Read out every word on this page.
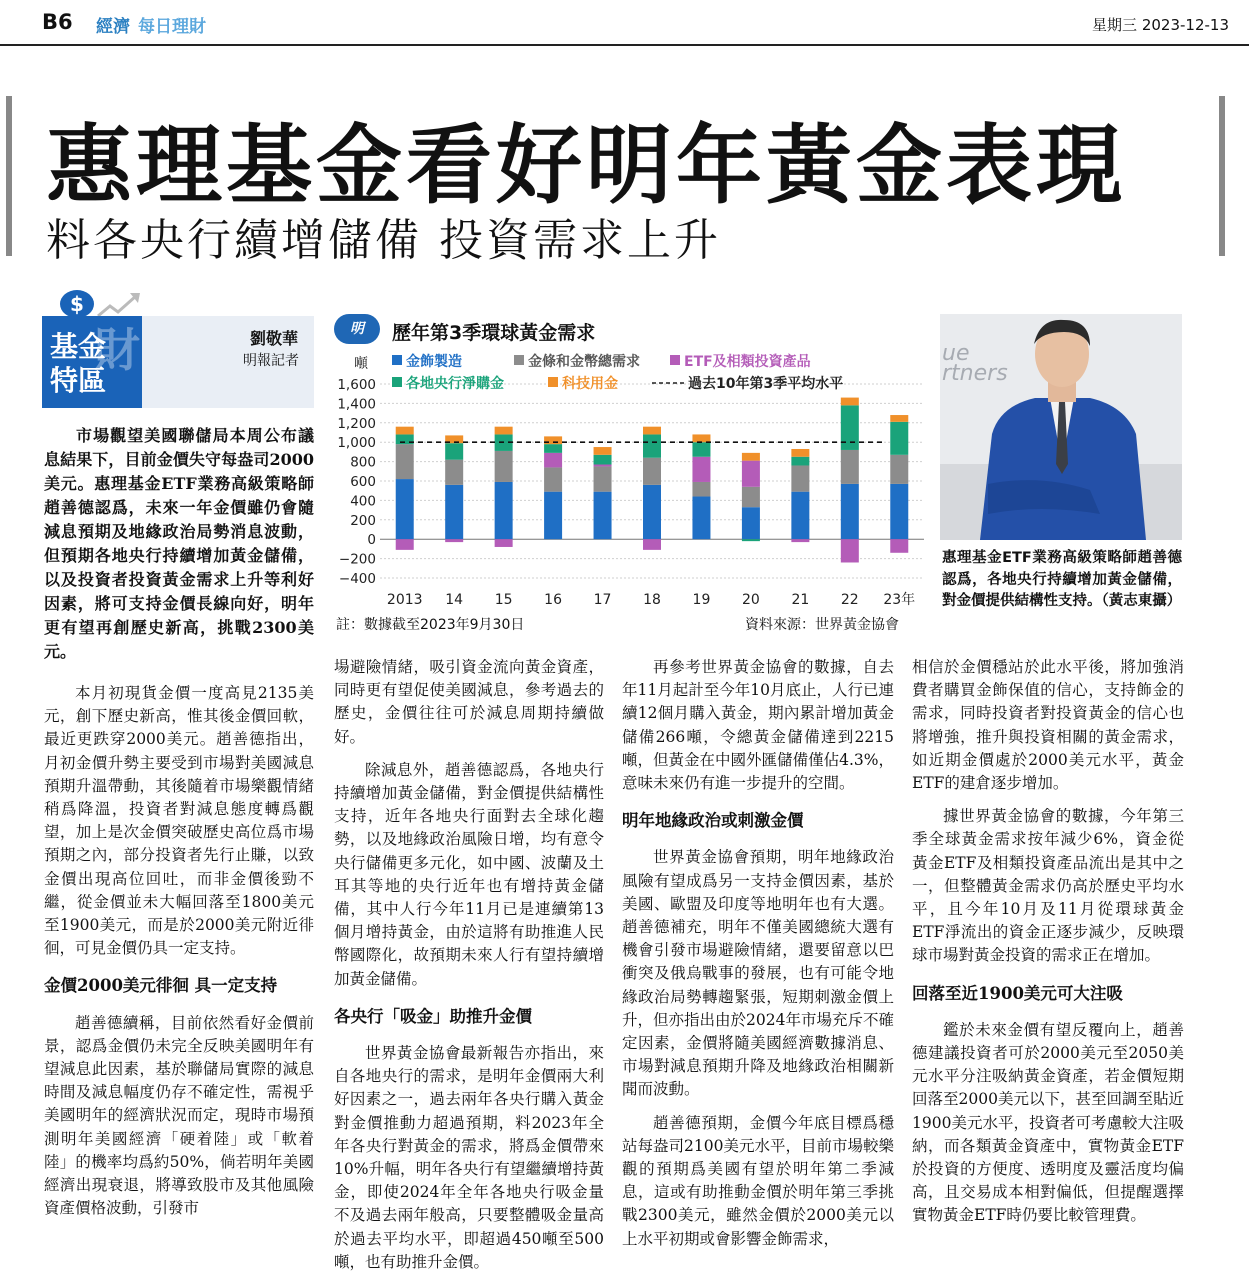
B6 經濟 每日理財	星期三 2023-12-13
惠理基金看好明年黃金表現
料各央行續增儲備 投資需求上升
$
財
基金
特區
劉敬華
明報記者

市場觀望美國聯儲局本周公布議息結果下，目前金價失守每盎司2000美元。惠理基金ETF業務高級策略師趙善德認爲，未來一年金價雖仍會隨減息預期及地緣政治局勢消息波動，但預期各地央行持續增加黃金儲備，以及投資者投資黃金需求上升等利好因素，將可支持金價長線向好，明年更有望再創歷史新高，挑戰2300美元。

本月初現貨金價一度高見2135美元，創下歷史新高，惟其後金價回軟，最近更跌穿2000美元。趙善德指出，月初金價升勢主要受到市場對美國減息預期升溫帶動，其後隨着市場樂觀情緒稍爲降溫，投資者對減息態度轉爲觀望，加上是次金價突破歷史高位爲市場預期之內，部分投資者先行止賺，以致金價出現高位回吐，而非金價後勁不繼，從金價並未大幅回落至1800美元至1900美元，而是於2000美元附近徘徊，可見金價仍具一定支持。

金價2000美元徘徊 具一定支持

趙善德續稱，目前依然看好金價前景，認爲金價仍未完全反映美國明年有望減息此因素，基於聯儲局實際的減息時間及減息幅度仍存不確定性，需視乎美國明年的經濟狀況而定，現時市場預測明年美國經濟「硬着陸」或「軟着陸」的機率均爲約50%，倘若明年美國經濟出現衰退，將導致股市及其他風險資產價格波動，引發市

場避險情緒，吸引資金流向黃金資產，同時更有望促使美國減息，參考過去的歷史，金價往往可於減息周期持續做好。

除減息外，趙善德認爲，各地央行持續增加黃金儲備，對金價提供結構性支持，近年各地央行面對去全球化趨勢，以及地緣政治風險日增，均有意令央行儲備更多元化，如中國、波蘭及土耳其等地的央行近年也有增持黃金儲備，其中人行今年11月已是連續第13個月增持黃金，由於這將有助推進人民幣國際化，故預期未來人行有望持續增加黃金儲備。

各央行「吸金」助推升金價

世界黃金協會最新報告亦指出，來自各地央行的需求，是明年金價兩大利好因素之一，過去兩年各央行購入黃金對金價推動力超過預期，料2023年全年各央行對黃金的需求，將爲金價帶來10%升幅，明年各央行有望繼續增持黃金，即使2024年全年各地央行吸金量不及過去兩年般高，只要整體吸金量高於過去平均水平，即超過450噸至500噸，也有助推升金價。

再參考世界黃金協會的數據，自去年11月起計至今年10月底止，人行已連續12個月購入黃金，期內累計增加黃金儲備266噸，令總黃金儲備達到2215噸，但黃金在中國外匯儲備僅佔4.3%，意味未來仍有進一步提升的空間。

明年地緣政治或刺激金價

世界黃金協會預期，明年地緣政治風險有望成爲另一支持金價因素，基於美國、歐盟及印度等地明年也有大選。趙善德補充，明年不僅美國總統大選有機會引發市場避險情緒，還要留意以巴衝突及俄烏戰事的發展，也有可能令地緣政治局勢轉趨緊張，短期刺激金價上升，但亦指出由於2024年市場充斥不確定因素，金價將隨美國經濟數據消息、市場對減息預期升降及地緣政治相關新聞而波動。

趙善德預期，金價今年底目標爲穩站每盎司2100美元水平，目前市場較樂觀的預期爲美國有望於明年第二季減息，這或有助推動金價於明年第三季挑戰2300美元，雖然金價於2000美元以上水平初期或會影響金飾需求，

相信於金價穩站於此水平後，將加強消費者購買金飾保值的信心，支持飾金的需求，同時投資者對投資黃金的信心也將增強，推升與投資相關的黃金需求，如近期金價處於2000美元水平，黃金ETF的建倉逐步增加。

據世界黃金協會的數據，今年第三季全球黃金需求按年減少6%，資金從黃金ETF及相類投資產品流出是其中之一，但整體黃金需求仍高於歷史平均水平，且今年10月及11月從環球黃金ETF淨流出的資金正逐步減少，反映環球市場對黃金投資的需求正在增加。

回落至近1900美元可大注吸

鑑於未來金價有望反覆向上，趙善德建議投資者可於2000美元至2050美元水平分注吸納黃金資產，若金價短期回落至2000美元以下，甚至回調至貼近1900美元水平，投資者可考慮較大注吸納，而各類黃金資產中，實物黃金ETF於投資的方便度、透明度及靈活度均偏高，且交易成本相對偏低，但提醒選擇實物黃金ETF時仍要比較管理費。

明	歷年第3季環球黃金需求
噸
−400
−200
0
200
400
600
800
1,000
1,200
1,400
1,600
金飾製造	金條和金幣總需求	ETF及相類投資產品
各地央行淨購金	科技用金	過去10年第3季平均水平
2013 14 15 16 17 18 19 20 21 22 23年
註：數據截至2023年9月30日	資料來源：世界黃金協會
ue
rtners
惠理基金ETF業務高級策略師趙善德認爲，各地央行持續增加黃金儲備，對金價提供結構性支持。（黃志東攝）
